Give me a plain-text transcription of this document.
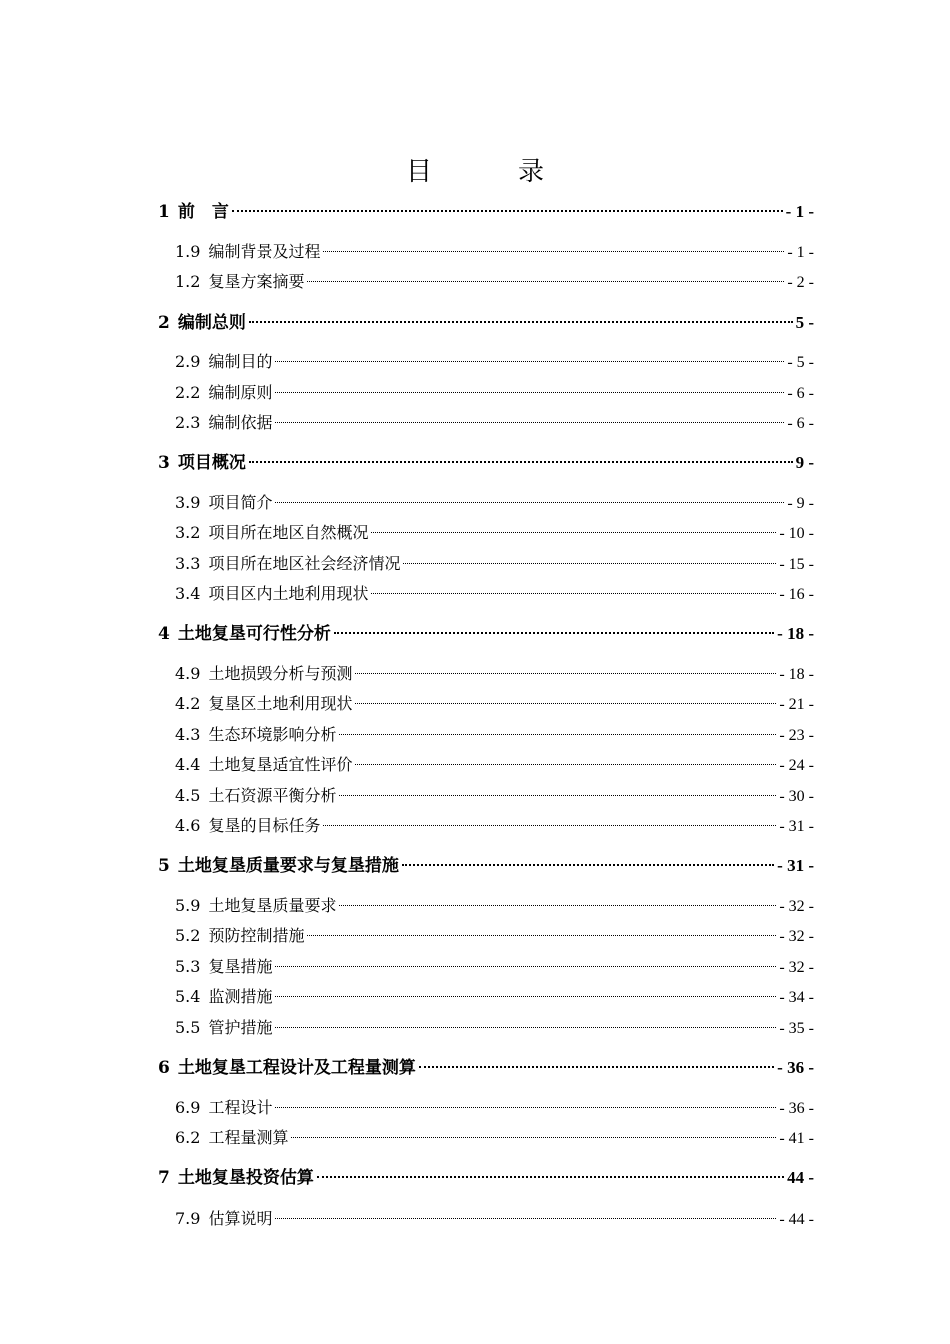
目　录
1 前　言	- 1 -
1.9 编制背景及过程	- 1 -
1.2 复垦方案摘要	- 2 -
2 编制总则	5 -
2.9 编制目的	- 5 -
2.2 编制原则	- 6 -
2.3 编制依据	- 6 -
3 项目概况	9 -
3.9 项目简介	- 9 -
3.2 项目所在地区自然概况	- 10 -
3.3 项目所在地区社会经济情况	- 15 -
3.4 项目区内土地利用现状	- 16 -
4 土地复垦可行性分析	- 18 -
4.9 土地损毁分析与预测	- 18 -
4.2 复垦区土地利用现状	- 21 -
4.3 生态环境影响分析	- 23 -
4.4 土地复垦适宜性评价	- 24 -
4.5 土石资源平衡分析	- 30 -
4.6 复垦的目标任务	- 31 -
5 土地复垦质量要求与复垦措施	- 31 -
5.9 土地复垦质量要求	- 32 -
5.2 预防控制措施	- 32 -
5.3 复垦措施	- 32 -
5.4 监测措施	- 34 -
5.5 管护措施	- 35 -
6 土地复垦工程设计及工程量测算	- 36 -
6.9 工程设计	- 36 -
6.2 工程量测算	- 41 -
7 土地复垦投资估算	44 -
7.9 估算说明	- 44 -
